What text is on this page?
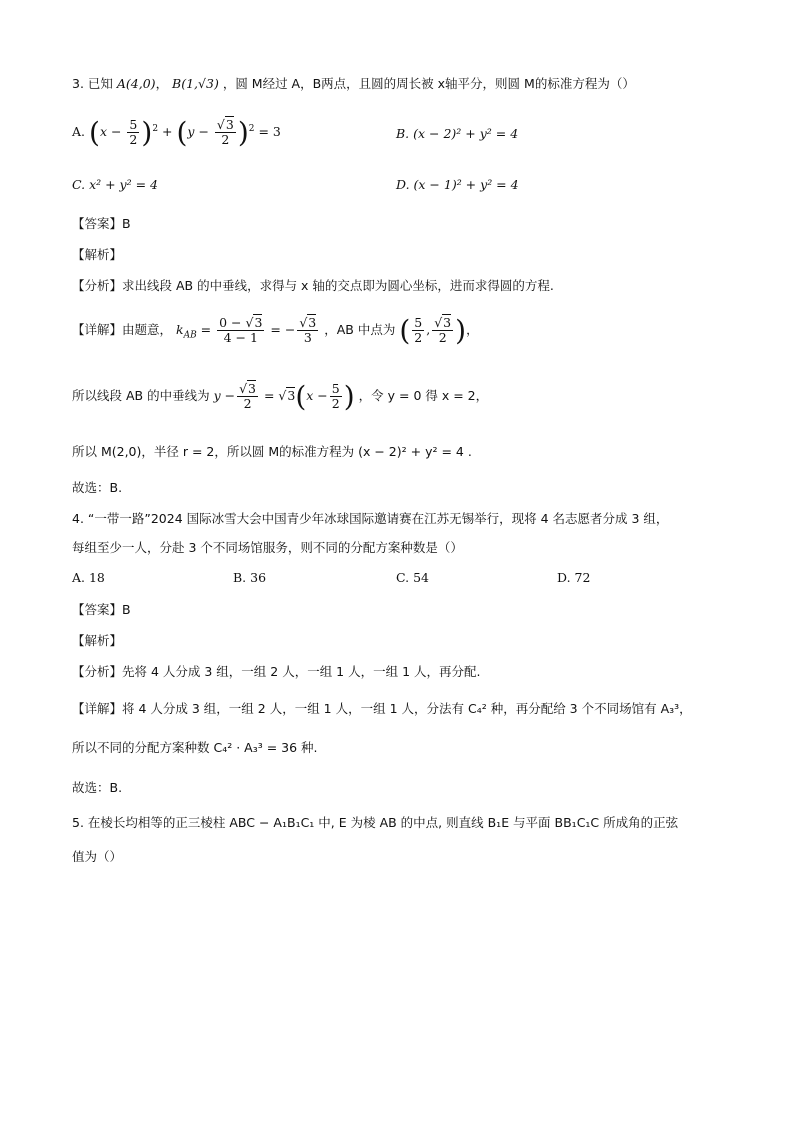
3. 已知 A(4,0)， B(1,√3) ，圆 M经过 A，B两点，且圆的周长被 x轴平分，则圆 M的标准方程为（）
A. $(x - \frac{5}{2} )^2 + (y - \frac{√3}{2} )^2 = 3$	B. (x − 2)² + y² = 4
C. x² + y² = 4	D. (x − 1)² + y² = 4
【答案】B
【解析】
【分析】求出线段 AB 的中垂线，求得与 x 轴的交点即为圆心坐标，进而求得圆的方程.
【详解】由题意， $k_{AB} = \frac{0 - √3}{4 - 1}$ = − $\frac{√3}{3}$ ，AB 中点为 ( $\frac{5}{2}$ , $\frac{√3}{2}$ )，
所以线段 AB 的中垂线为 $y - \frac{√3}{2} = √3(x - \frac{5}{2}$ ) ，令 y = 0 得 x = 2，
所以 M(2,0)，半径 r = 2，所以圆 M的标准方程为 (x − 2)² + y² = 4 .
故选：B.
4. “一带一路”2024 国际冰雪大会中国青少年冰球国际邀请赛在江苏无锡举行，现将 4 名志愿者分成 3 组，
每组至少一人，分赴 3 个不同场馆服务，则不同的分配方案种数是（）
A. 18	B. 36	C. 54	D. 72
【答案】B
【解析】
【分析】先将 4 人分成 3 组，一组 2 人，一组 1 人，一组 1 人，再分配.
【详解】将 4 人分成 3 组，一组 2 人，一组 1 人，一组 1 人，分法有 C₄² 种，再分配给 3 个不同场馆有 A₃³，
所以不同的分配方案种数 C₄² · A₃³ = 36 种.
故选：B.
5. 在棱长均相等的正三棱柱 ABC − A₁B₁C₁ 中, E 为棱 AB 的中点, 则直线 B₁E 与平面 BB₁C₁C 所成角的正弦
值为（）
